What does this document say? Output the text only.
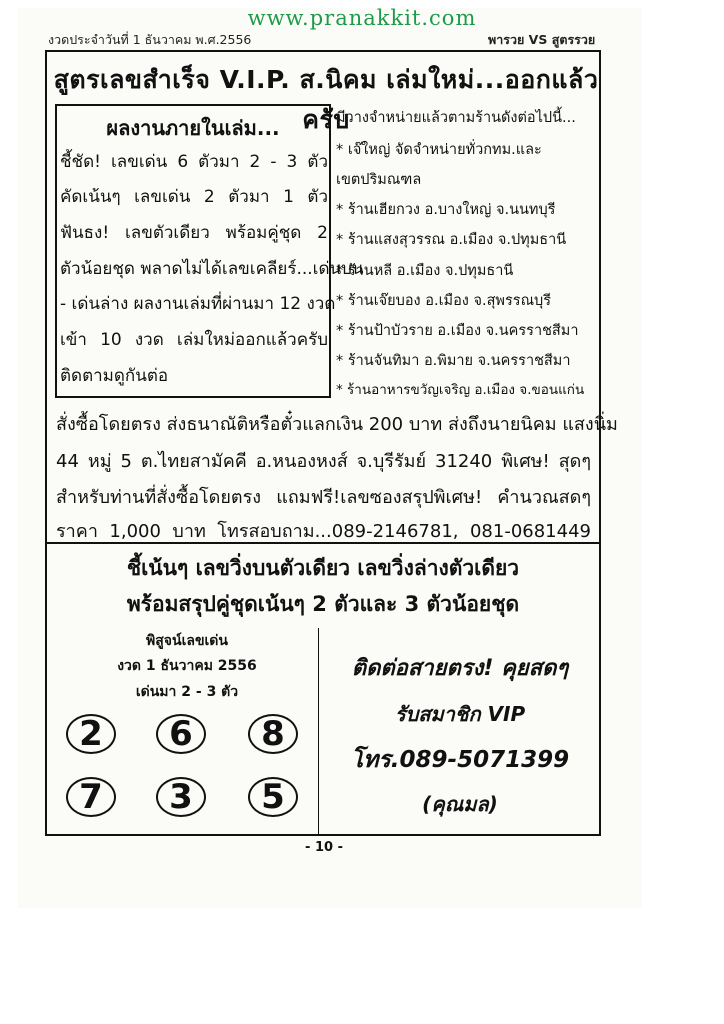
www.pranakkit.com
งวดประจำวันที่ 1 ธันวาคม พ.ศ.2556	พารวย VS สูตรรวย
สูตรเลขสำเร็จ V.I.P. ส.นิคม เล่มใหม่...ออกแล้วครับ
ผลงานภายในเล่ม...
ชี้ชัด! เลขเด่น 6 ตัวมา 2 - 3 ตัว
คัดเน้นๆ เลขเด่น 2 ตัวมา 1 ตัว
ฟันธง! เลขตัวเดียว พร้อมคู่ชุด 2
ตัวน้อยชุด พลาดไม่ได้เลขเคลียร์...เด่นบน
- เด่นล่าง ผลงานเล่มที่ผ่านมา 12 งวด
เข้า 10 งวด เล่มใหม่ออกแล้วครับ
ติดตามดูกันต่อ
มีวางจำหน่ายแล้วตามร้านดังต่อไปนี้...
* เจ๊ใหญ่ จัดจำหน่ายทั่วกทม.และ
เขตปริมณฑล
* ร้านเฮียกวง อ.บางใหญ่ จ.นนทบุรี
* ร้านแสงสุวรรณ อ.เมือง จ.ปทุมธานี
* ร้านหลี อ.เมือง จ.ปทุมธานี
* ร้านเจ๊ยบอง อ.เมือง จ.สุพรรณบุรี
* ร้านป้าบัวราย อ.เมือง จ.นครราชสีมา
* ร้านจันทิมา อ.พิมาย จ.นครราชสีมา
* ร้านอาหารขวัญเจริญ อ.เมือง จ.ขอนแก่น
สั่งซื้อโดยตรง ส่งธนาณัติหรือตั๋วแลกเงิน 200 บาท ส่งถึงนายนิคม แสงนิ่ม
44 หมู่ 5 ต.ไทยสามัคคี อ.หนองหงส์ จ.บุรีรัมย์ 31240 พิเศษ! สุดๆ
สำหรับท่านที่สั่งซื้อโดยตรง แถมฟรี!เลขซองสรุปพิเศษ! คำนวณสดๆ
ราคา 1,000 บาท โทรสอบถาม...089-2146781, 081-0681449
ชี้เน้นๆ เลขวิ่งบนตัวเดียว เลขวิ่งล่างตัวเดียว
พร้อมสรุปคู่ชุดเน้นๆ 2 ตัวและ 3 ตัวน้อยชุด
พิสูจน์เลขเด่น
งวด 1 ธันวาคม 2556
เด่นมา 2 - 3 ตัว
2	6	8
7	3	5
ติดต่อสายตรง! คุยสดๆ
รับสมาชิก VIP
โทร.089-5071399
(คุณมล)
- 10 -
